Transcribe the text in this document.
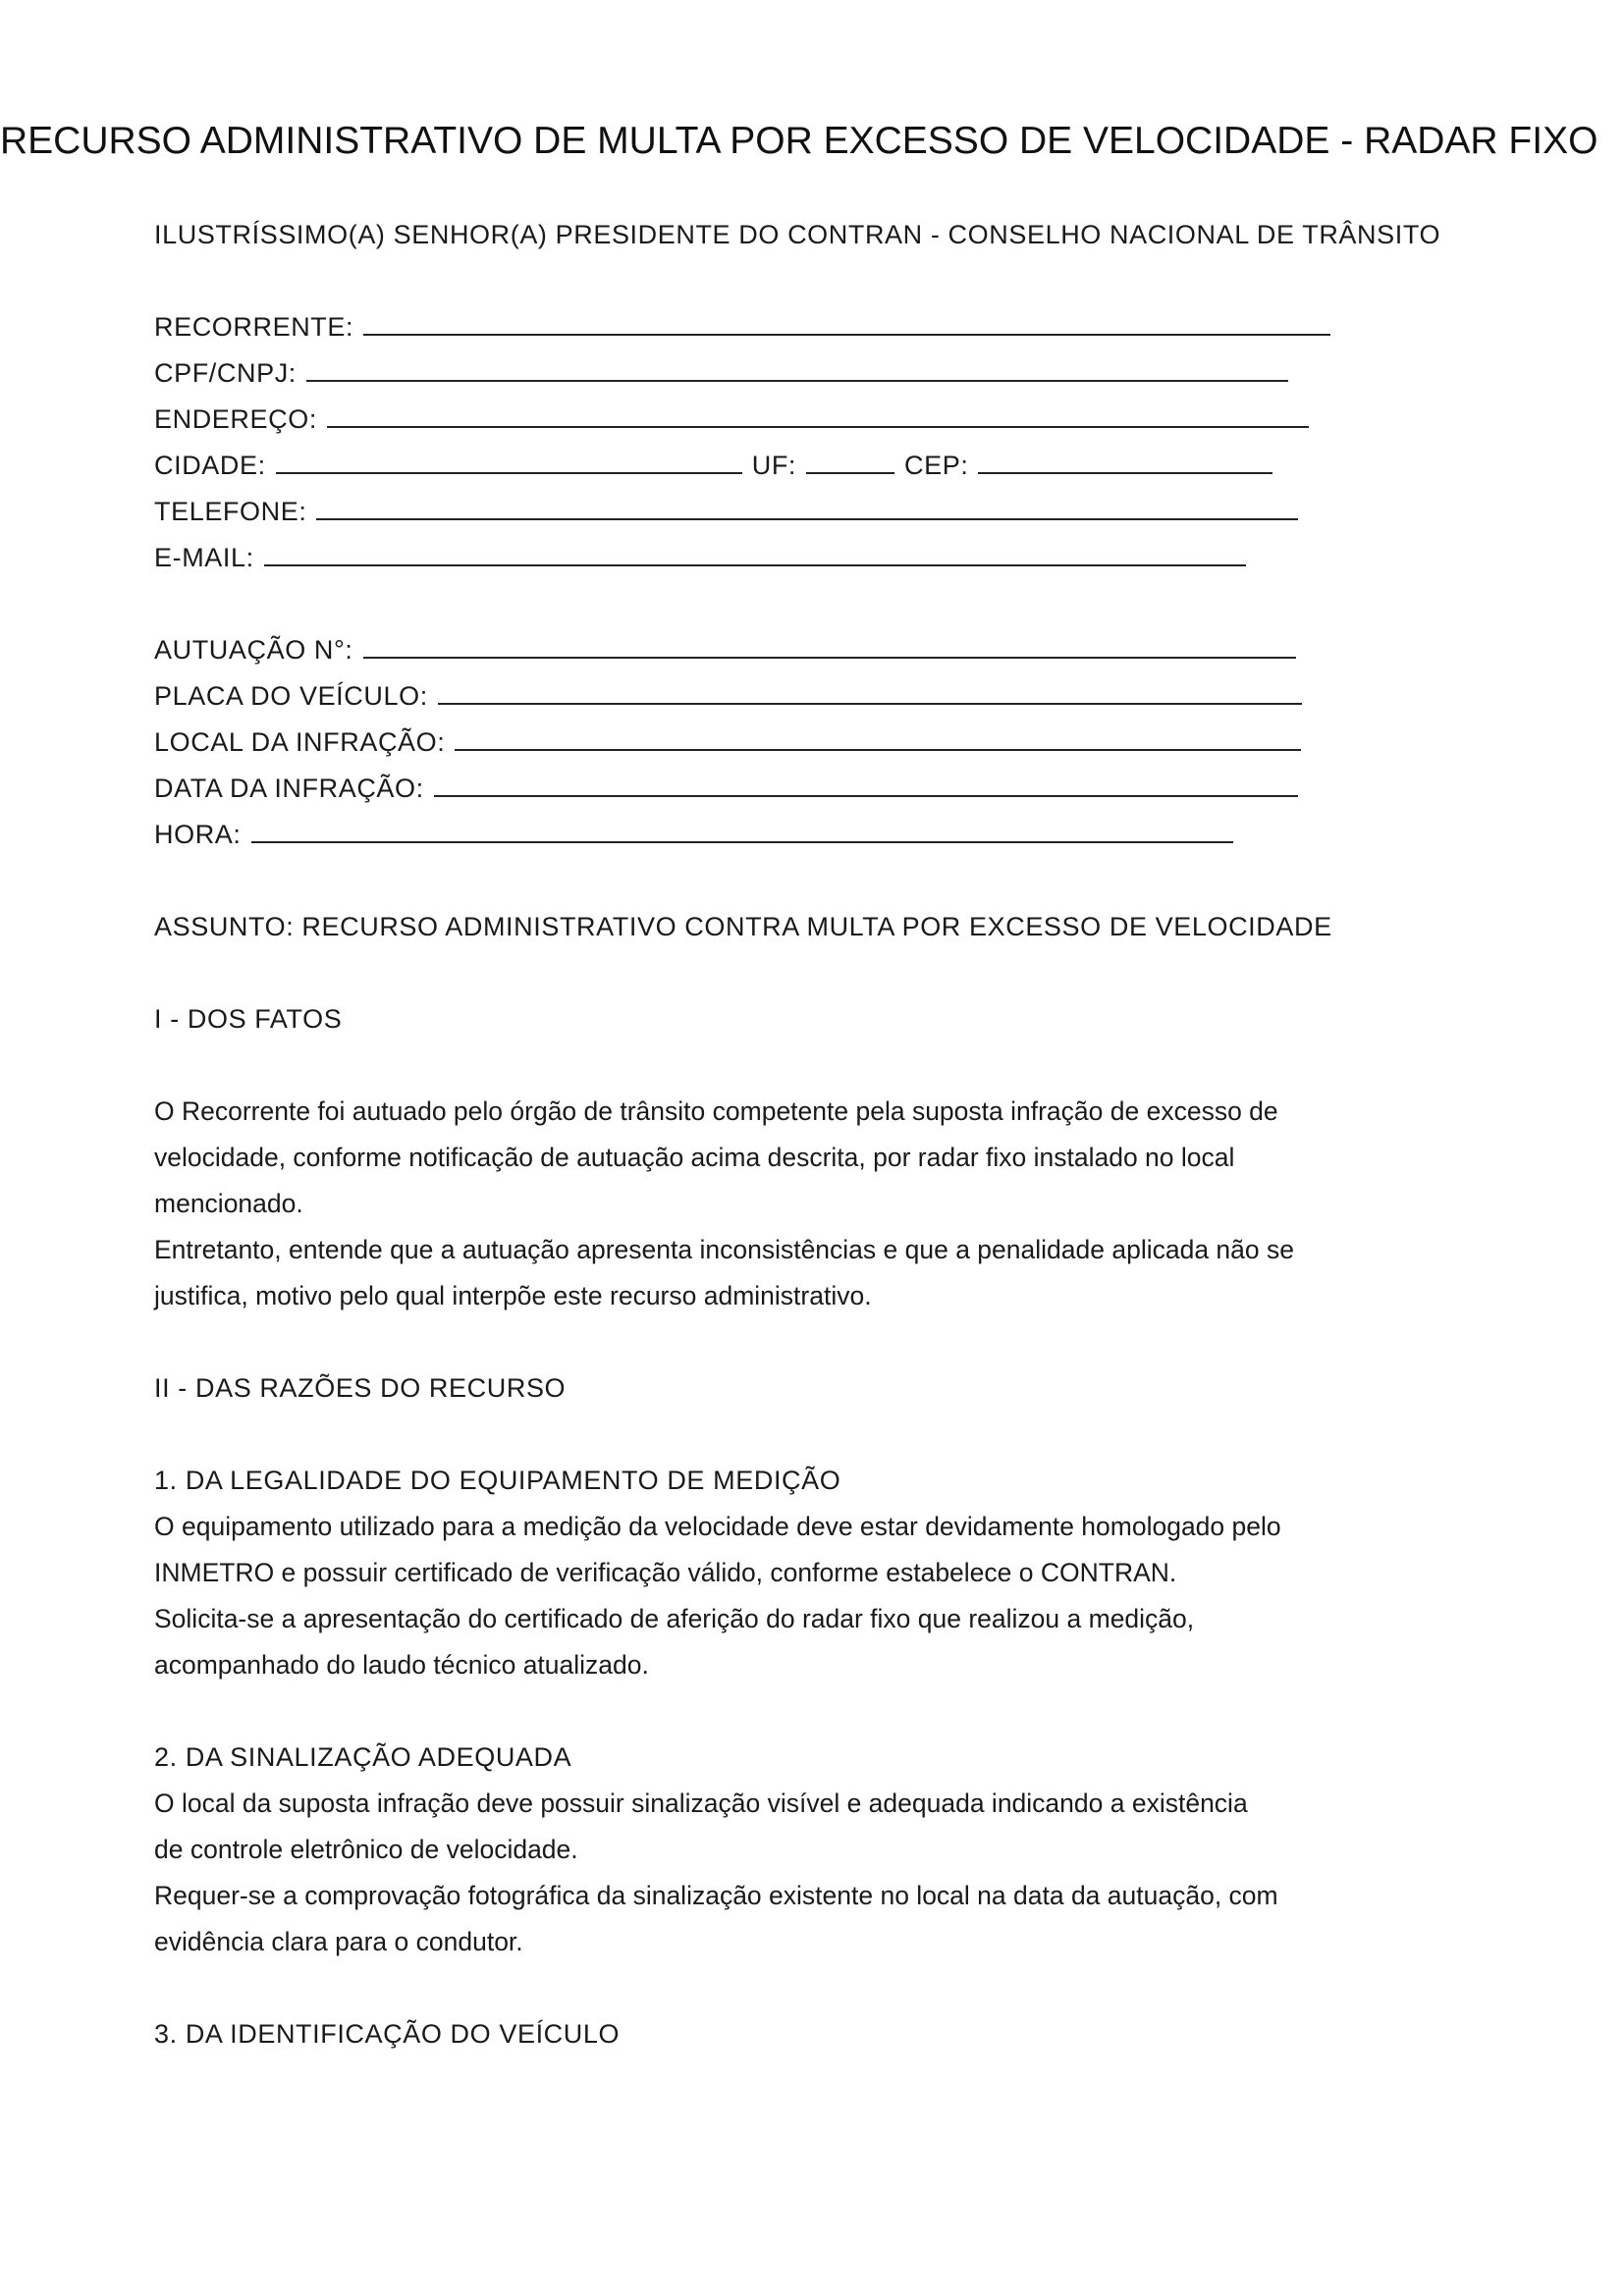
RECURSO ADMINISTRATIVO DE MULTA POR EXCESSO DE VELOCIDADE - RADAR FIXO
ILUSTRÍSSIMO(A) SENHOR(A) PRESIDENTE DO CONTRAN - CONSELHO NACIONAL DE TRÂNSITO
RECORRENTE:
CPF/CNPJ:
ENDEREÇO:
CIDADE:	UF:	CEP:
TELEFONE:
E-MAIL:
AUTUAÇÃO N°:
PLACA DO VEÍCULO:
LOCAL DA INFRAÇÃO:
DATA DA INFRAÇÃO:
HORA:
ASSUNTO: RECURSO ADMINISTRATIVO CONTRA MULTA POR EXCESSO DE VELOCIDADE
I - DOS FATOS
O Recorrente foi autuado pelo órgão de trânsito competente pela suposta infração de excesso de
velocidade, conforme notificação de autuação acima descrita, por radar fixo instalado no local
mencionado.
Entretanto, entende que a autuação apresenta inconsistências e que a penalidade aplicada não se
justifica, motivo pelo qual interpõe este recurso administrativo.
II - DAS RAZÕES DO RECURSO
1. DA LEGALIDADE DO EQUIPAMENTO DE MEDIÇÃO
O equipamento utilizado para a medição da velocidade deve estar devidamente homologado pelo
INMETRO e possuir certificado de verificação válido, conforme estabelece o CONTRAN.
Solicita-se a apresentação do certificado de aferição do radar fixo que realizou a medição,
acompanhado do laudo técnico atualizado.
2. DA SINALIZAÇÃO ADEQUADA
O local da suposta infração deve possuir sinalização visível e adequada indicando a existência
de controle eletrônico de velocidade.
Requer-se a comprovação fotográfica da sinalização existente no local na data da autuação, com
evidência clara para o condutor.
3. DA IDENTIFICAÇÃO DO VEÍCULO
